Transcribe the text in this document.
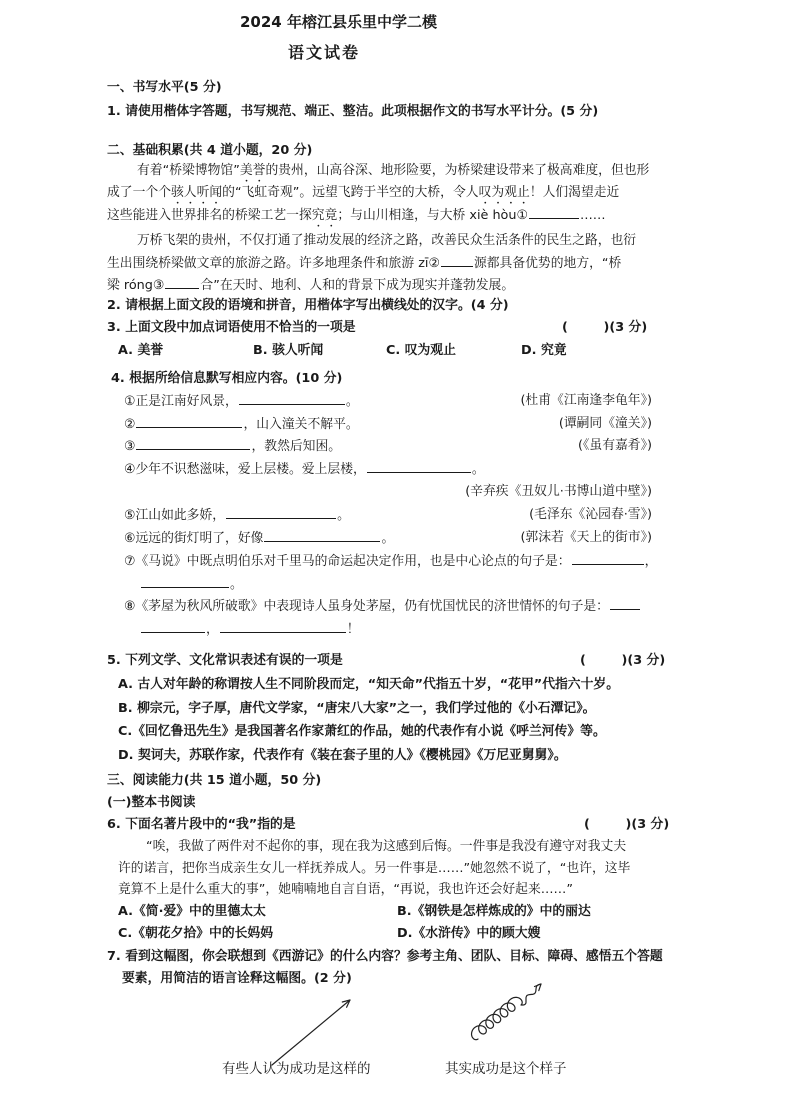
2024 年榕江县乐里中学二模
语文试卷
一、书写水平(5 分)
1. 请使用楷体字答题，书写规范、端正、整洁。此项根据作文的书写水平计分。(5 分)
二、基础积累(共 4 道小题，20 分)
有着“桥梁博物馆”美誉的贵州，山高谷深、地形险要，为桥梁建设带来了极高难度，但也形
成了一个个骇人听闻的“飞虹奇观”。远望飞跨于半空的大桥，令人叹为观止！人们渴望走近
这些能进入世界排名的桥梁工艺一探究竟；与山川相逢，与大桥 xiè hòu①	……
万桥飞架的贵州，不仅打通了推动发展的经济之路，改善民众生活条件的民生之路，也衍
生出围绕桥梁做文章的旅游之路。许多地理条件和旅游 zī②	源都具备优势的地方，“桥
梁 róng③	合”在天时、地利、人和的背景下成为现实并蓬勃发展。
2. 请根据上面文段的语境和拼音，用楷体字写出横线处的汉字。(4 分)
3. 上面文段中加点词语使用不恰当的一项是	(        )(3 分)
A. 美誉	B. 骇人听闻	C. 叹为观止	D. 究竟
4. 根据所给信息默写相应内容。(10 分)
①正是江南好风景，	。	(杜甫《江南逢李龟年》)
②	，山入潼关不解平。	(谭嗣同《潼关》)
③	，教然后知困。	(《虽有嘉肴》)
④少年不识愁滋味，爱上层楼。爱上层楼，	。
(辛弃疾《丑奴儿·书博山道中壁》)
⑤江山如此多娇，	。	(毛泽东《沁园春·雪》)
⑥远远的街灯明了，好像	。	(郭沫若《天上的街市》)
⑦《马说》中既点明伯乐对千里马的命运起决定作用，也是中心论点的句子是：	，
。
⑧《茅屋为秋风所破歌》中表现诗人虽身处茅屋，仍有忧国忧民的济世情怀的句子是：
，	！
5. 下列文学、文化常识表述有误的一项是	(        )(3 分)
A. 古人对年龄的称谓按人生不同阶段而定，“知天命”代指五十岁，“花甲”代指六十岁。
B. 柳宗元，字子厚，唐代文学家，“唐宋八大家”之一，我们学过他的《小石潭记》。
C.《回忆鲁迅先生》是我国著名作家萧红的作品，她的代表作有小说《呼兰河传》等。
D. 契诃夫，苏联作家，代表作有《装在套子里的人》《樱桃园》《万尼亚舅舅》。
三、阅读能力(共 15 道小题，50 分)
(一)整本书阅读
6. 下面名著片段中的“我”指的是	(        )(3 分)
“唉，我做了两件对不起你的事，现在我为这感到后悔。一件事是我没有遵守对我丈夫
许的诺言，把你当成亲生女儿一样抚养成人。另一件事是……”她忽然不说了，“也许，这毕
竟算不上是什么重大的事”，她喃喃地自言自语，“再说，我也许还会好起来……”
A.《简·爱》中的里德太太	B.《钢铁是怎样炼成的》中的丽达
C.《朝花夕拾》中的长妈妈	D.《水浒传》中的顾大嫂
7. 看到这幅图，你会联想到《西游记》的什么内容？参考主角、团队、目标、障碍、感悟五个答题
要素，用简洁的语言诠释这幅图。(2 分)
有些人认为成功是这样的	其实成功是这个样子
